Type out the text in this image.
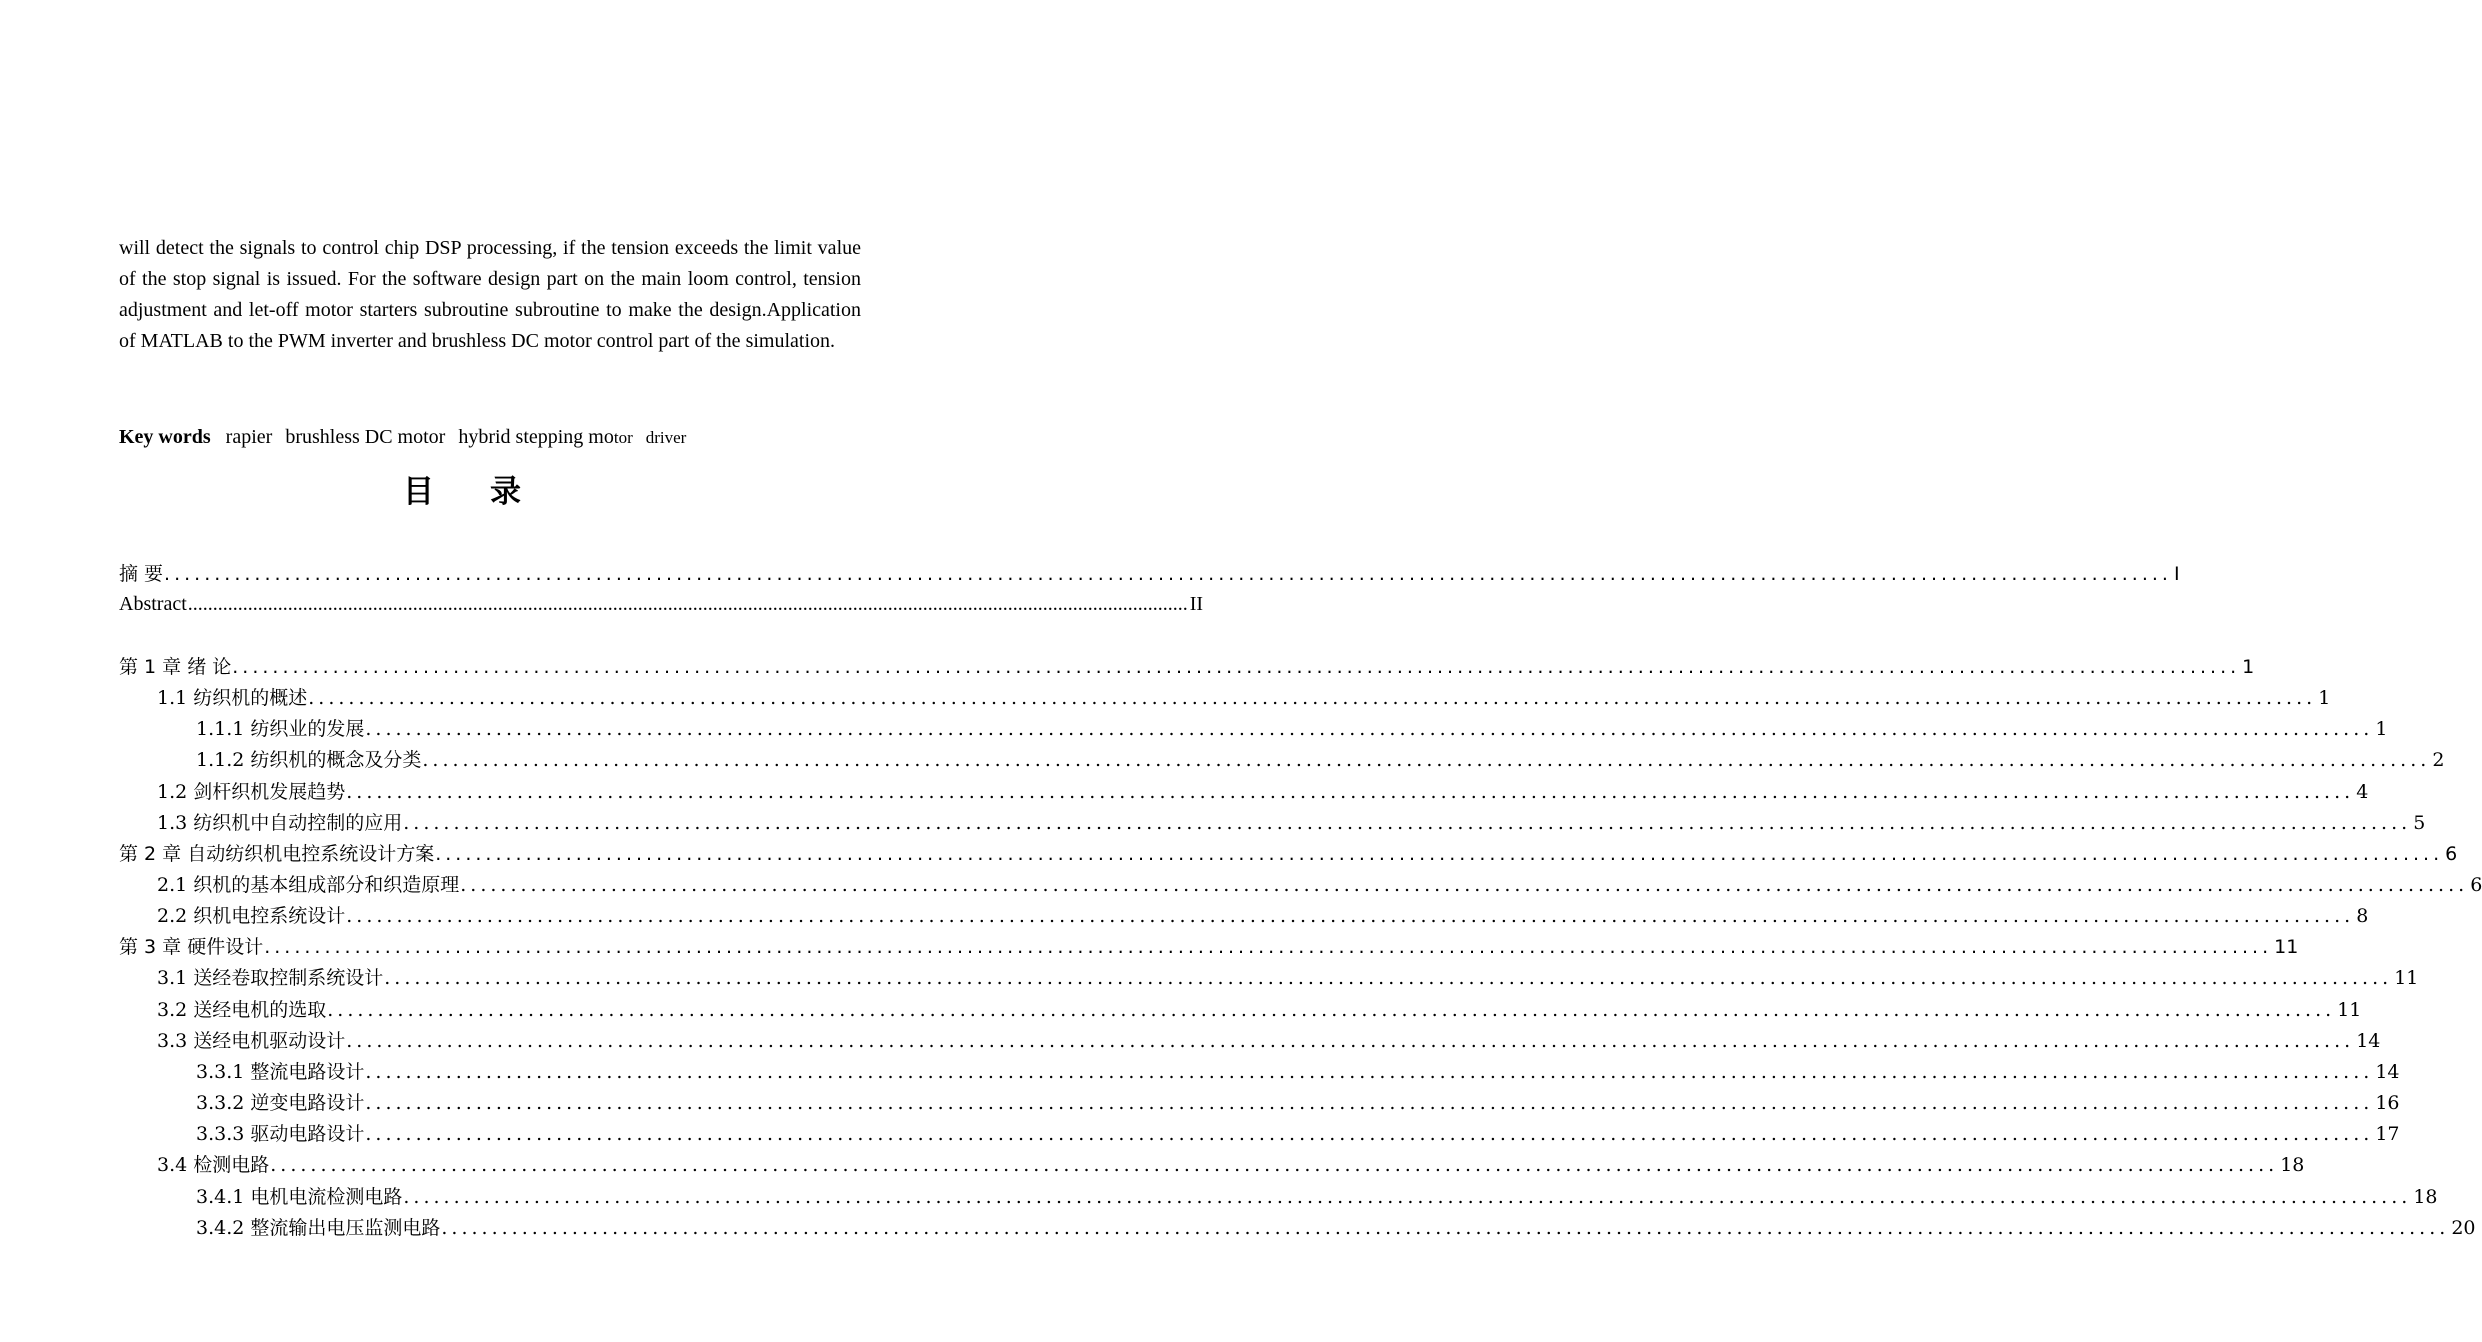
will detect the signals to control chip DSP processing, if the tension exceeds the limit value of the stop signal is issued. For the software design part on the main loom control, tension adjustment and let-off motor starters subroutine subroutine to make the design.Application of MATLAB to the PWM inverter and brushless DC motor control part of the simulation.

Key words rapier brushless DC motor hybrid stepping motor driver

目录
摘 要 ........................................................................................................................................................................................................ I
Abstract ........................................................................................................................................................................................................ II
第 1 章 绪 论 ........................................................................................................................................................................................................ 1
1.1 纺织机的概述 ........................................................................................................................................................................................................ 1
1.1.1 纺织业的发展 ........................................................................................................................................................................................................ 1
1.1.2 纺织机的概念及分类 ........................................................................................................................................................................................................ 2
1.2 剑杆织机发展趋势 ........................................................................................................................................................................................................ 4
1.3 纺织机中自动控制的应用 ........................................................................................................................................................................................................ 5
第 2 章 自动纺织机电控系统设计方案 ........................................................................................................................................................................................................ 6
2.1 织机的基本组成部分和织造原理 ........................................................................................................................................................................................................ 6
2.2 织机电控系统设计 ........................................................................................................................................................................................................ 8
第 3 章 硬件设计 ........................................................................................................................................................................................................ 11
3.1 送经卷取控制系统设计 ........................................................................................................................................................................................................ 11
3.2 送经电机的选取 ........................................................................................................................................................................................................ 11
3.3 送经电机驱动设计 ........................................................................................................................................................................................................ 14
3.3.1 整流电路设计 ........................................................................................................................................................................................................ 14
3.3.2 逆变电路设计 ........................................................................................................................................................................................................ 16
3.3.3 驱动电路设计 ........................................................................................................................................................................................................ 17
3.4 检测电路 ........................................................................................................................................................................................................ 18
3.4.1 电机电流检测电路 ........................................................................................................................................................................................................ 18
3.4.2 整流输出电压监测电路 ........................................................................................................................................................................................................ 20
